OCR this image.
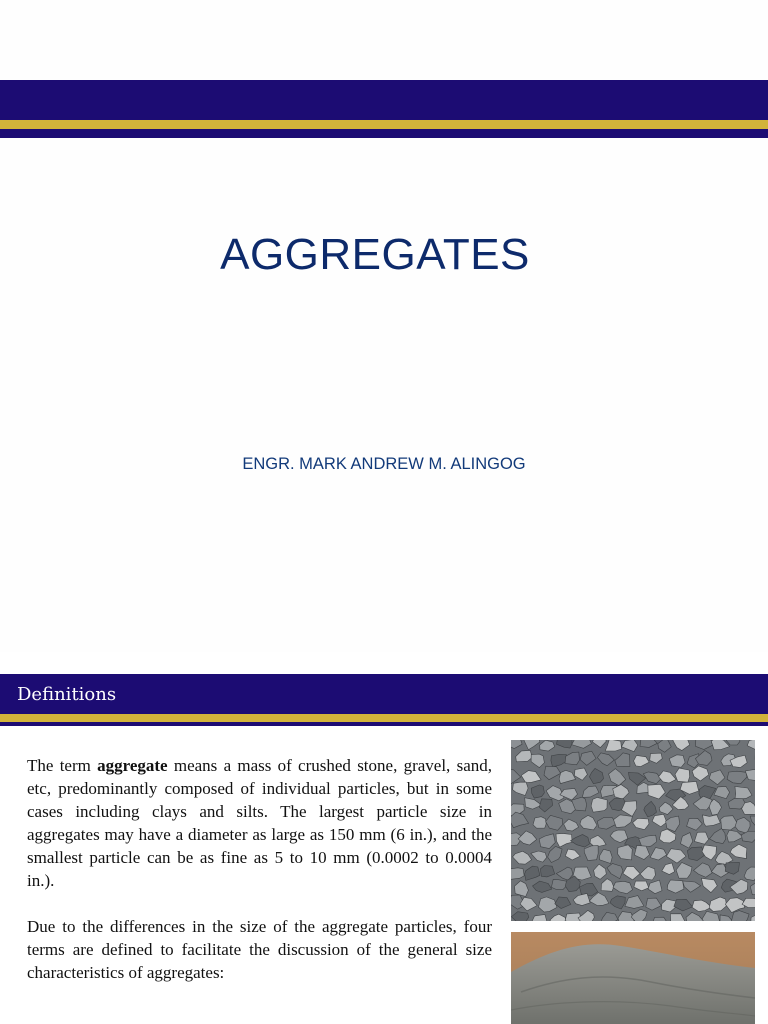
AGGREGATES
ENGR. MARK ANDREW M. ALINGOG
Definitions
The term aggregate means a mass of crushed stone, gravel, sand, etc, predominantly composed of individual particles, but in some cases including clays and silts. The largest particle size in aggregates may have a diameter as large as 150 mm (6 in.), and the smallest particle can be as fine as 5 to 10 mm (0.0002 to 0.0004 in.).
Due to the differences in the size of the aggregate particles, four terms are defined to facilitate the discussion of the general size characteristics of aggregates:
